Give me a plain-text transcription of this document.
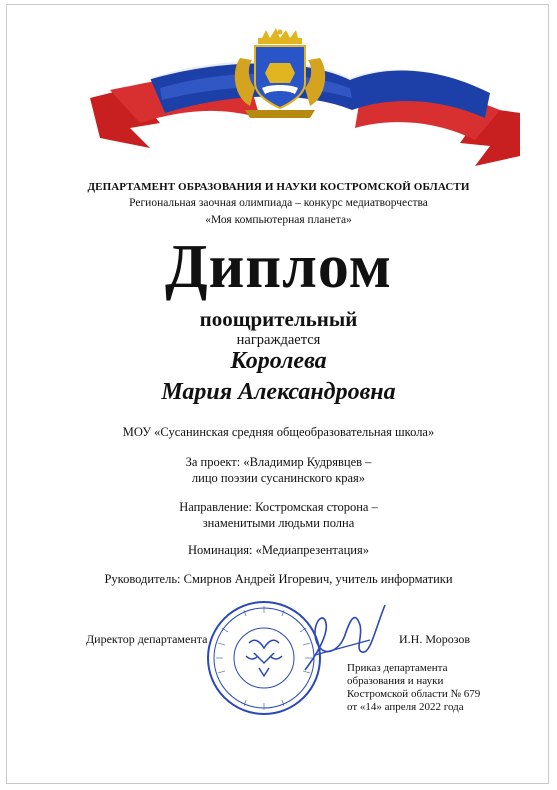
ДЕПАРТАМЕНТ ОБРАЗОВАНИЯ И НАУКИ КОСТРОМСКОЙ ОБЛАСТИ
Региональная заочная олимпиада – конкурс медиатворчества
«Моя компьютерная планета»
Диплом
поощрительный
награждается
Королева
Мария Александровна
МОУ «Сусанинская средняя общеобразовательная школа»
За проект: «Владимир Кудрявцев –
лицо поэзии сусанинского края»
Направление: Костромская сторона –
знаменитыми людьми полна
Номинация: «Медиапрезентация»
Руководитель: Смирнов Андрей Игоревич, учитель информатики
Директор департамента	И.Н. Морозов
Приказ департамента
образования и науки
Костромской области № 679
от «14» апреля 2022 года
